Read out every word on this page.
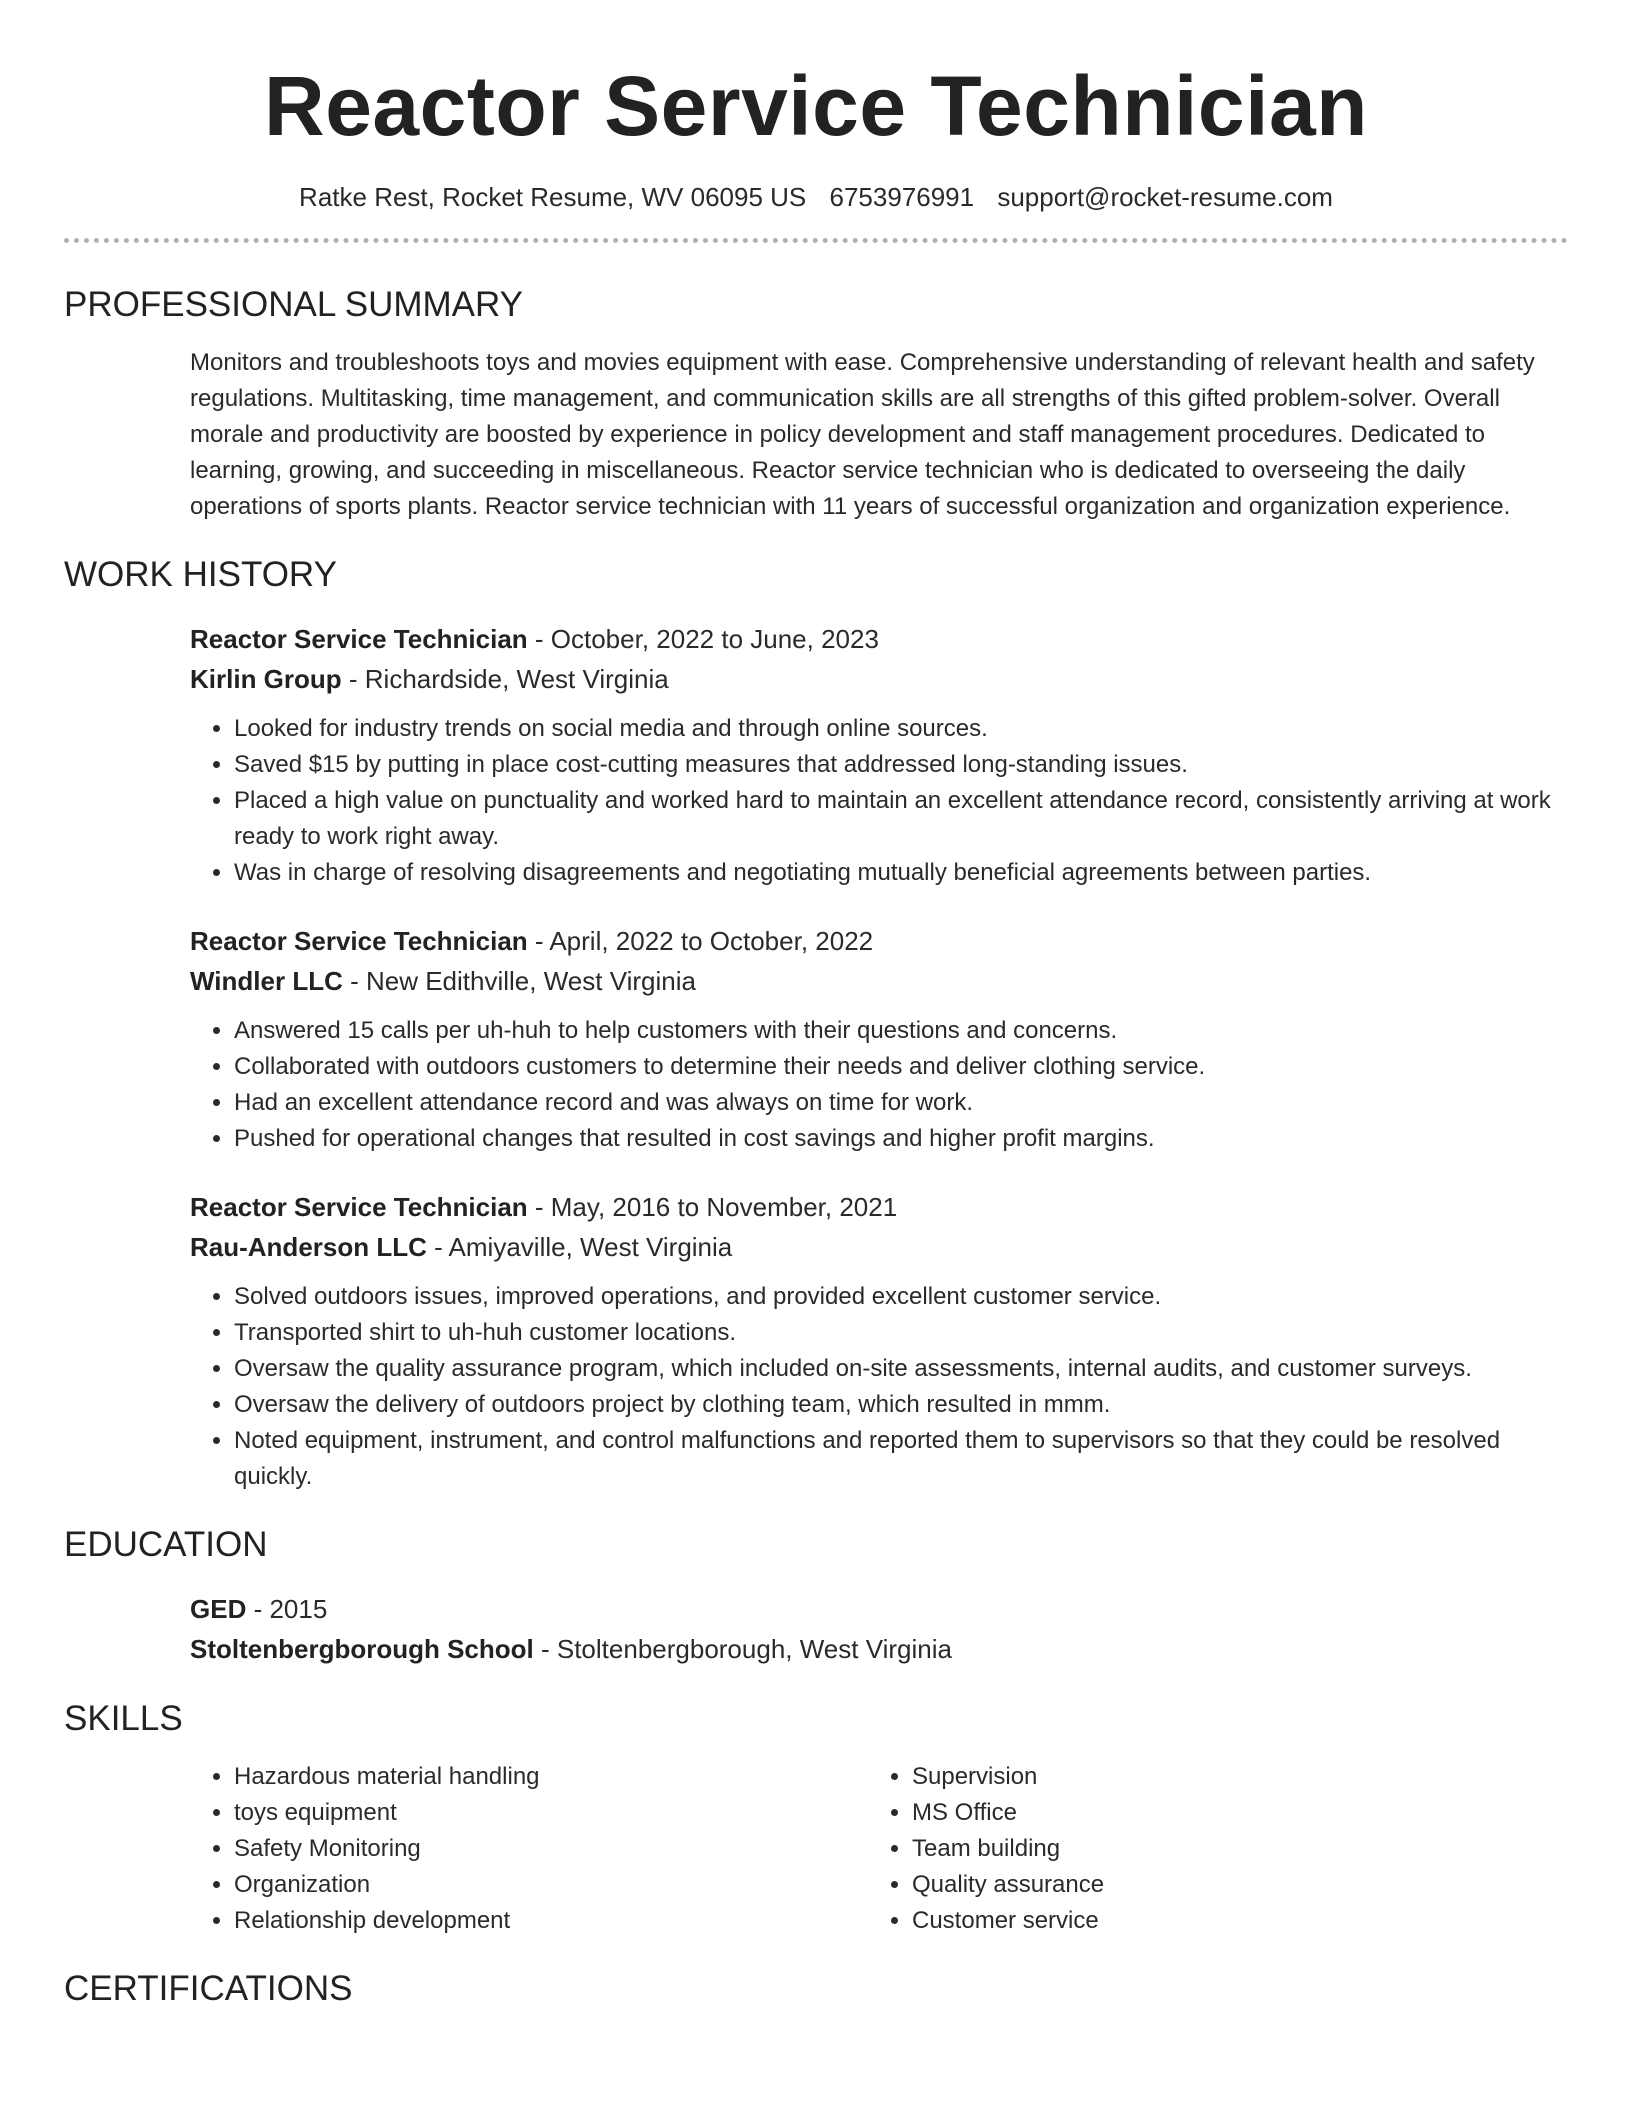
Reactor Service Technician
Ratke Rest, Rocket Resume, WV 06095 US 6753976991 support@rocket-resume.com
PROFESSIONAL SUMMARY

Monitors and troubleshoots toys and movies equipment with ease. Comprehensive understanding of relevant health and safety regulations. Multitasking, time management, and communication skills are all strengths of this gifted problem-solver. Overall morale and productivity are boosted by experience in policy development and staff management procedures. Dedicated to learning, growing, and succeeding in miscellaneous. Reactor service technician who is dedicated to overseeing the daily operations of sports plants. Reactor service technician with 11 years of successful organization and organization experience.

WORK HISTORY

Reactor Service Technician - October, 2022 to June, 2023

Kirlin Group - Richardside, West Virginia

• Looked for industry trends on social media and through online sources.
• Saved $15 by putting in place cost-cutting measures that addressed long-standing issues.
• Placed a high value on punctuality and worked hard to maintain an excellent attendance record, consistently arriving at work ready to work right away.
• Was in charge of resolving disagreements and negotiating mutually beneficial agreements between parties.

Reactor Service Technician - April, 2022 to October, 2022

Windler LLC - New Edithville, West Virginia

• Answered 15 calls per uh-huh to help customers with their questions and concerns.
• Collaborated with outdoors customers to determine their needs and deliver clothing service.
• Had an excellent attendance record and was always on time for work.
• Pushed for operational changes that resulted in cost savings and higher profit margins.

Reactor Service Technician - May, 2016 to November, 2021

Rau-Anderson LLC - Amiyaville, West Virginia

• Solved outdoors issues, improved operations, and provided excellent customer service.
• Transported shirt to uh-huh customer locations.
• Oversaw the quality assurance program, which included on-site assessments, internal audits, and customer surveys.
• Oversaw the delivery of outdoors project by clothing team, which resulted in mmm.
• Noted equipment, instrument, and control malfunctions and reported them to supervisors so that they could be resolved quickly.
EDUCATION

GED - 2015

Stoltenbergborough School - Stoltenbergborough, West Virginia

SKILLS
• Hazardous material handling
• toys equipment
• Safety Monitoring
• Organization
• Relationship development
• Supervision
• MS Office
• Team building
• Quality assurance
• Customer service
CERTIFICATIONS
